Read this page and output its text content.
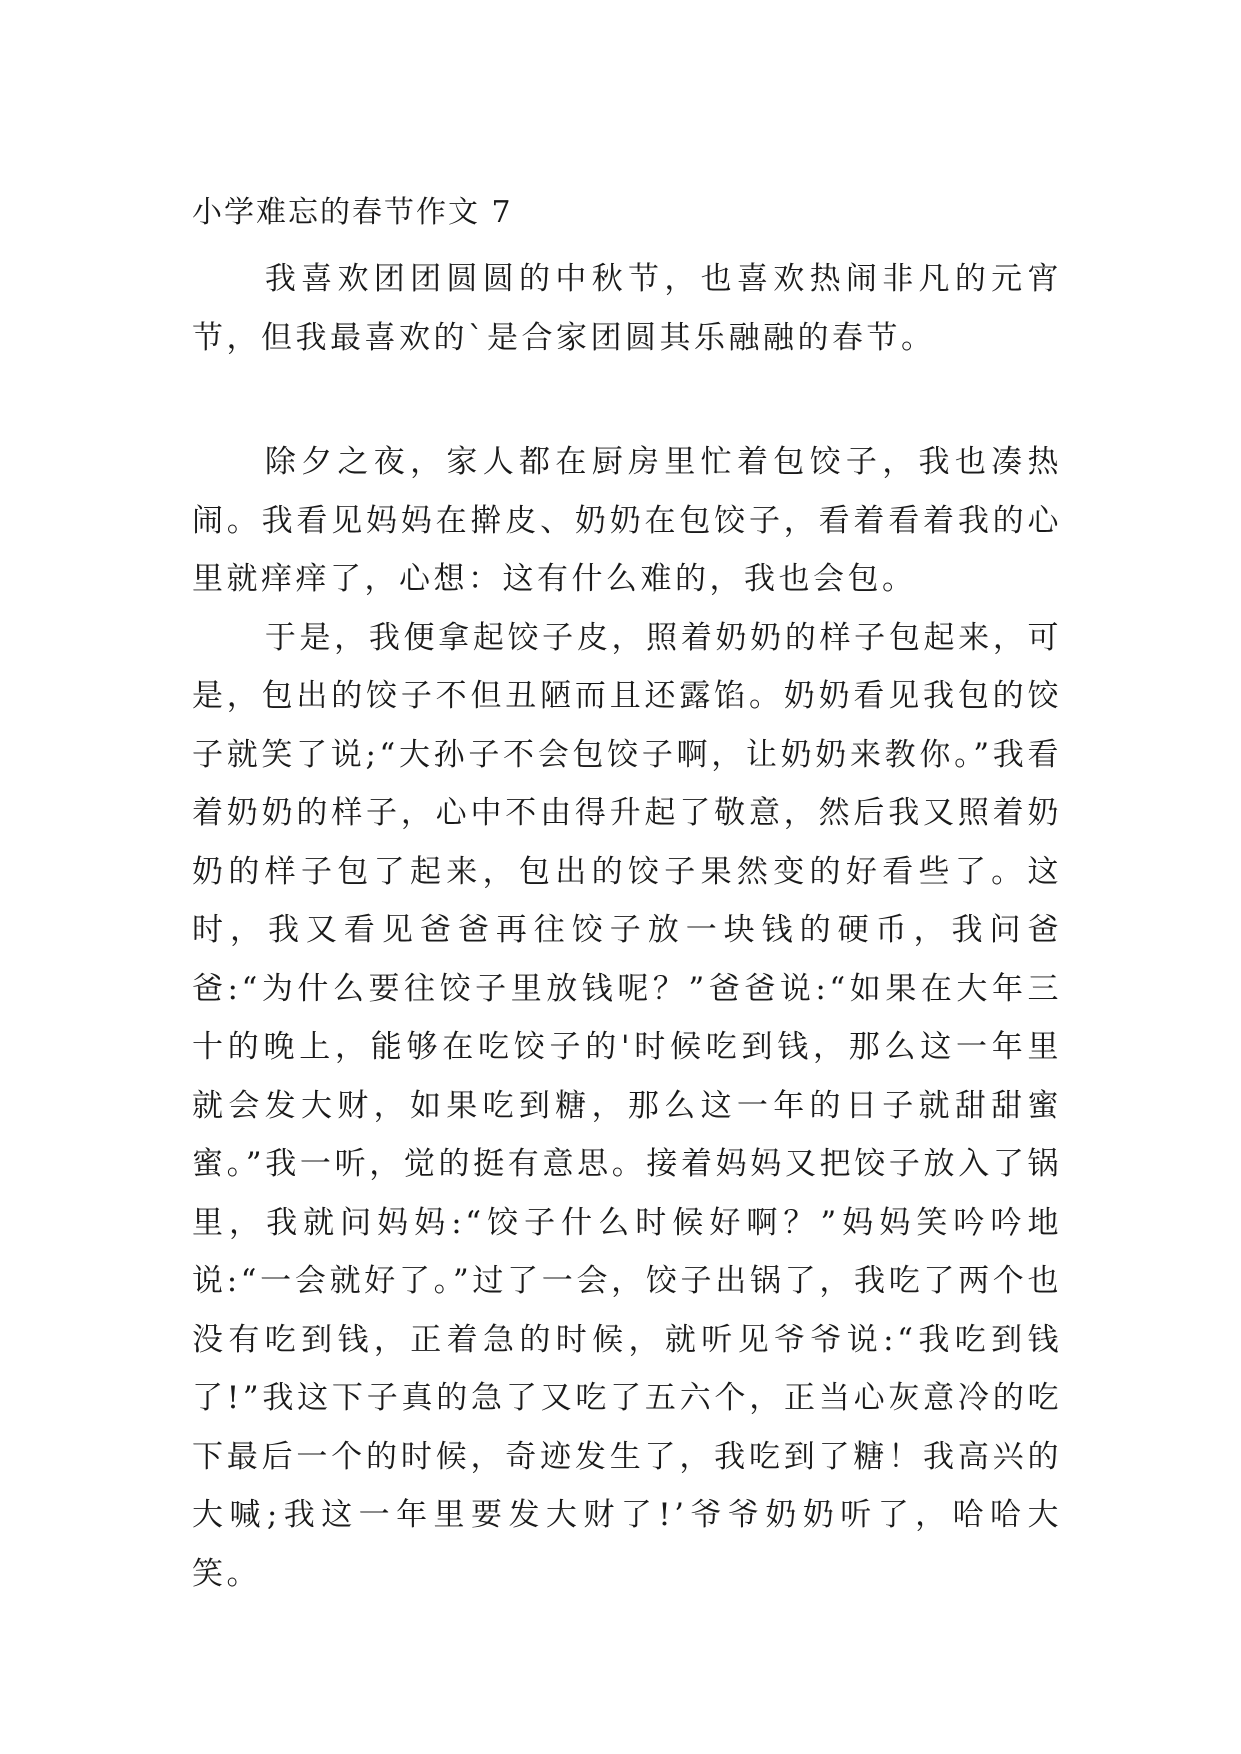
小学难忘的春节作文 7

我喜欢团团圆圆的中秋节，也喜欢热闹非凡的元宵节，但我最喜欢的`是合家团圆其乐融融的春节。

除夕之夜，家人都在厨房里忙着包饺子，我也凑热闹。我看见妈妈在擀皮、奶奶在包饺子，看着看着我的心里就痒痒了，心想：这有什么难的，我也会包。

于是，我便拿起饺子皮，照着奶奶的样子包起来，可是，包出的饺子不但丑陋而且还露馅。奶奶看见我包的饺子就笑了说;“大孙子不会包饺子啊，让奶奶来教你。”我看着奶奶的样子，心中不由得升起了敬意，然后我又照着奶奶的样子包了起来，包出的饺子果然变的好看些了。这时，我又看见爸爸再往饺子放一块钱的硬币，我问爸爸:“为什么要往饺子里放钱呢？”爸爸说:“如果在大年三十的晚上，能够在吃饺子的'时候吃到钱，那么这一年里就会发大财，如果吃到糖，那么这一年的日子就甜甜蜜蜜。”我一听，觉的挺有意思。接着妈妈又把饺子放入了锅里，我就问妈妈:“饺子什么时候好啊？”妈妈笑吟吟地说:“一会就好了。”过了一会，饺子出锅了，我吃了两个也没有吃到钱，正着急的时候，就听见爷爷说:“我吃到钱了!”我这下子真的急了又吃了五六个，正当心灰意冷的吃下最后一个的时候，奇迹发生了，我吃到了糖！我高兴的大喊;我这一年里要发大财了!’爷爷奶奶听了，哈哈大笑。
